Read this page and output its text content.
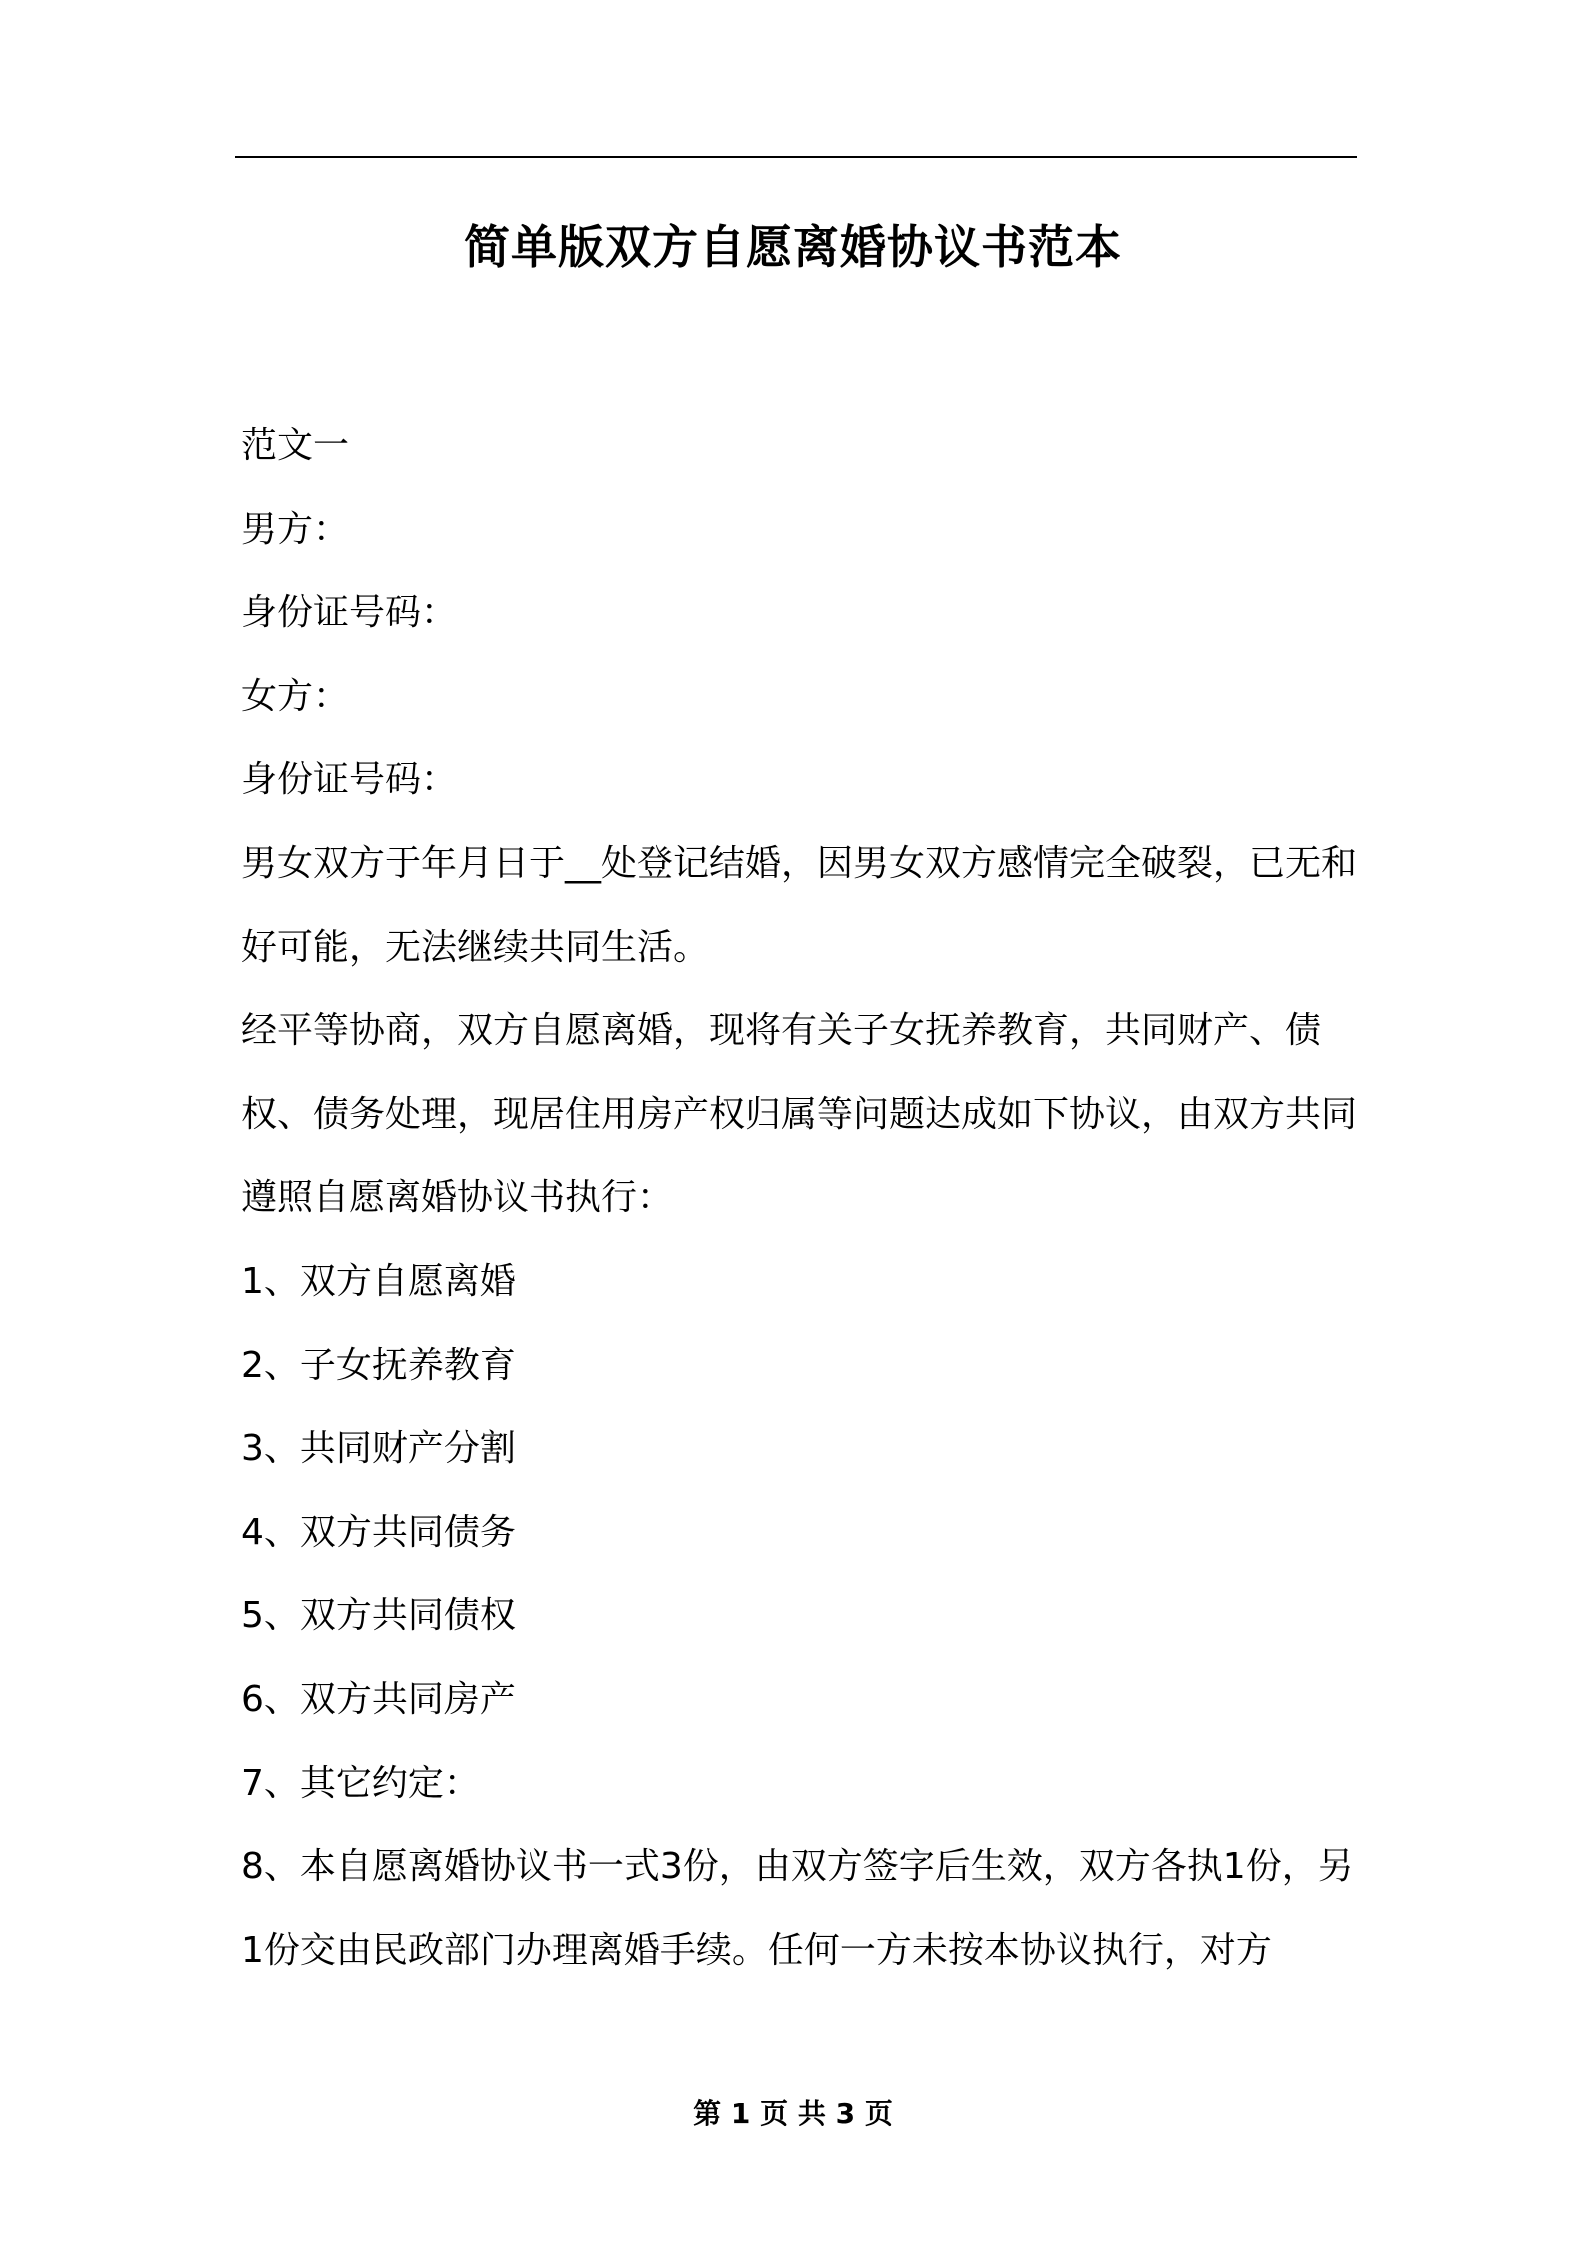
简单版双方自愿离婚协议书范本

范文一

男方：

身份证号码：

女方：

身份证号码：

男女双方于年月日于__处登记结婚，因男女双方感情完全破裂，已无和好可能，无法继续共同生活。

经平等协商，双方自愿离婚，现将有关子女抚养教育，共同财产、债权、债务处理，现居住用房产权归属等问题达成如下协议，由双方共同遵照自愿离婚协议书执行：

1、双方自愿离婚

2、子女抚养教育

3、共同财产分割

4、双方共同债务

5、双方共同债权

6、双方共同房产

7、其它约定：

8、本自愿离婚协议书一式3份，由双方签字后生效，双方各执1份，另1份交由民政部门办理离婚手续。任何一方未按本协议执行，对方

第 1 页 共 3 页
